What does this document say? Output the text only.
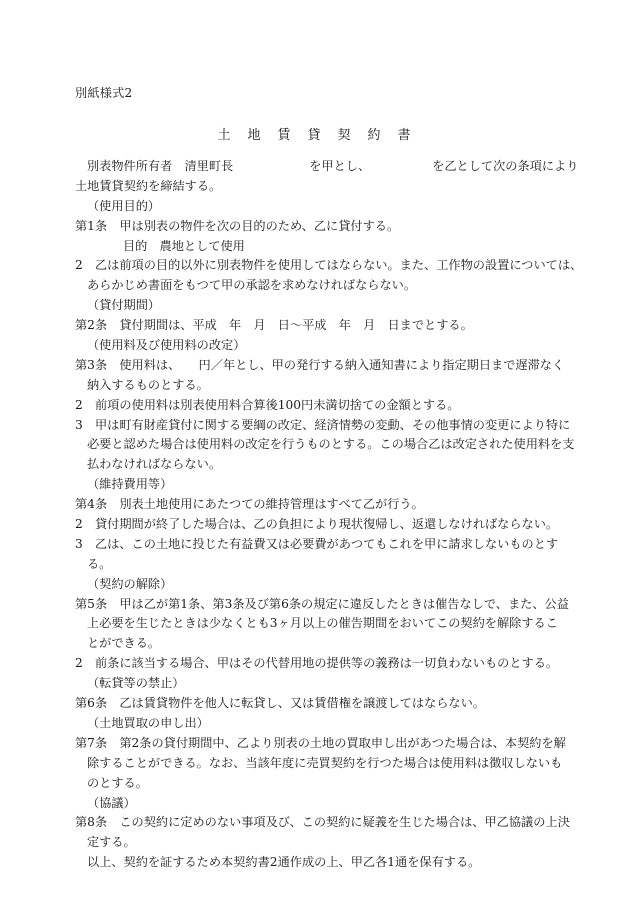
別紙様式2
土　地　賃　貸　契　約　書
別表物件所有者　清里町長	を甲とし、	を乙として次の条項により
土地賃貸契約を締結する。
（使用目的）
第1条　甲は別表の物件を次の目的のため、乙に貸付する。
目的　農地として使用
2　乙は前項の目的以外に別表物件を使用してはならない。また、工作物の設置については、
あらかじめ書面をもつて甲の承認を求めなければならない。
（貸付期間）
第2条　貸付期間は、平成　年　月　日～平成　年　月　日までとする。
（使用料及び使用料の改定）
第3条　使用料は、　　円／年とし、甲の発行する納入通知書により指定期日まで遅滞なく
納入するものとする。
2　前項の使用料は別表使用料合算後100円未満切捨ての金額とする。
3　甲は町有財産貸付に関する要綱の改定、経済情勢の変動、その他事情の変更により特に
必要と認めた場合は使用料の改定を行うものとする。この場合乙は改定された使用料を支
払わなければならない。
（維持費用等）
第4条　別表土地使用にあたつての維持管理はすべて乙が行う。
2　貸付期間が終了した場合は、乙の負担により現状復帰し、返還しなければならない。
3　乙は、この土地に投じた有益費又は必要費があつてもこれを甲に請求しないものとす
る。
（契約の解除）
第5条　甲は乙が第1条、第3条及び第6条の規定に違反したときは催告なしで、また、公益
上必要を生じたときは少なくとも3ヶ月以上の催告期間をおいてこの契約を解除するこ
とができる。
2　前条に該当する場合、甲はその代替用地の提供等の義務は一切負わないものとする。
（転貸等の禁止）
第6条　乙は賃貸物件を他人に転貸し、又は賃借権を譲渡してはならない。
（土地買取の申し出）
第7条　第2条の貸付期間中、乙より別表の土地の買取申し出があつた場合は、本契約を解
除することができる。なお、当該年度に売買契約を行つた場合は使用料は徴収しないも
のとする。
（協議）
第8条　この契約に定めのない事項及び、この契約に疑義を生じた場合は、甲乙協議の上決
定する。
以上、契約を証するため本契約書2通作成の上、甲乙各1通を保有する。
